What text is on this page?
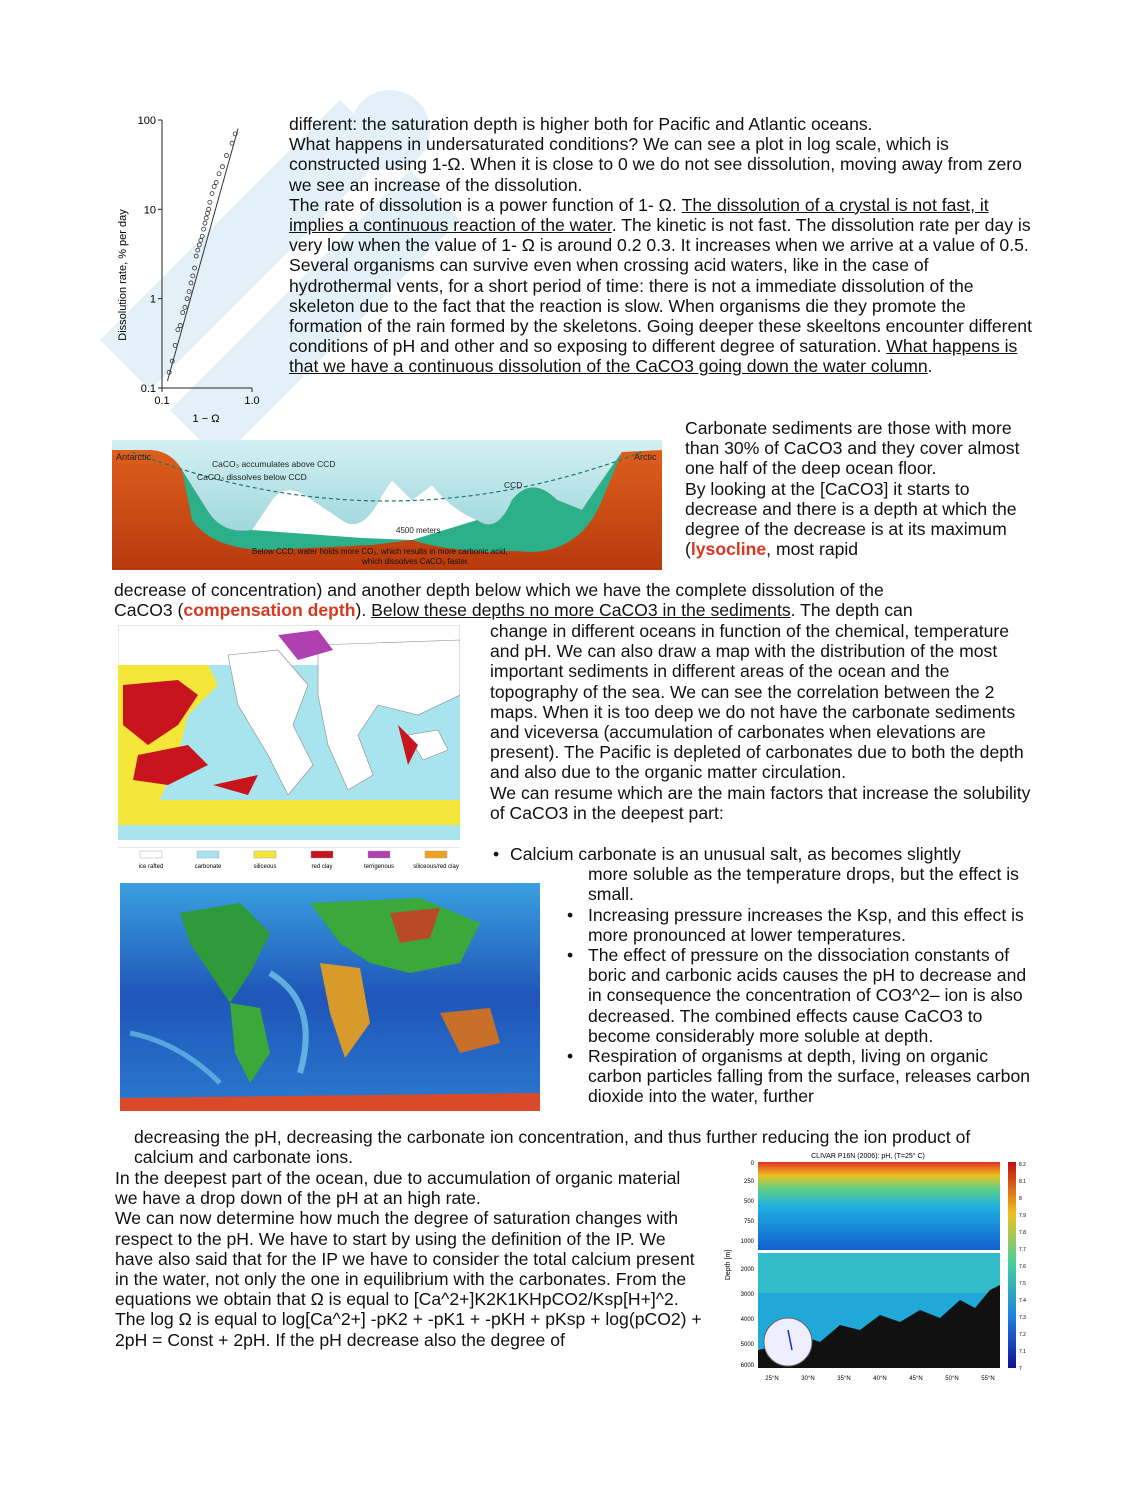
Dissolution rate, % per day
100
10
1
0.1
0.1	1.0
1 − Ω

different: the saturation depth is higher both for Pacific and Atlantic oceans.

What happens in undersaturated conditions? We can see a plot in log scale, which is constructed using 1-Ω. When it is close to 0 we do not see dissolution, moving away from zero we see an increase of the dissolution.

The rate of dissolution is a power function of 1- Ω. The dissolution of a crystal is not fast, it implies a continuous reaction of the water. The kinetic is not fast. The dissolution rate per day is very low when the value of 1- Ω is around 0.2 0.3. It increases when we arrive at a value of 0.5.

Several organisms can survive even when crossing acid waters, like in the case of hydrothermal vents, for a short period of time: there is not a immediate dissolution of the skeleton due to the fact that the reaction is slow. When organisms die they promote the formation of the rain formed by the skeletons. Going deeper these skeeltons encounter different conditions of pH and other and so exposing to different degree of saturation. What happens is that we have a continuous dissolution of the CaCO3 going down the water column.

Antarctic	Arctic
CaCO₃ accumulates above CCD
CaCO₃ dissolves below CCD
CCD
4500 meters
Below CCD, water holds more CO₂, which results in more carbonic acid,
which dissolves CaCO₃ faster.

Carbonate sediments are those with more than 30% of CaCO3 and they cover almost one half of the deep ocean floor.

By looking at the [CaCO3] it starts to decrease and there is a depth at which the degree of the decrease is at its maximum (lysocline, most rapid

decrease of concentration) and another depth below which we have the complete dissolution of the

CaCO3 (compensation depth). Below these depths no more CaCO3 in the sediments. The depth can

ice rafted	carbonate	siliceous	red clay	terrigenous	siliceous/red clay

change in different oceans in function of the chemical, temperature and pH. We can also draw a map with the distribution of the most important sediments in different areas of the ocean and the topography of the sea. We can see the correlation between the 2 maps. When it is too deep we do not have the carbonate sediments and viceversa (accumulation of carbonates when elevations are present). The Pacific is depleted of carbonates due to both the depth and also due to the organic matter circulation.

We can resume which are the main factors that increase the solubility of CaCO3 in the deepest part:

• Calcium carbonate is an unusual salt, as becomes slightly

more soluble as the temperature drops, but the effect is small.

• Increasing pressure increases the Ksp, and this effect is more pronounced at lower temperatures.

• The effect of pressure on the dissociation constants of boric and carbonic acids causes the pH to decrease and in consequence the concentration of CO3^2– ion is also decreased. The combined effects cause CaCO3 to become considerably more soluble at depth.

• Respiration of organisms at depth, living on organic carbon particles falling from the surface, releases carbon dioxide into the water, further

decreasing the pH, decreasing the carbonate ion concentration, and thus further reducing the ion product of calcium and carbonate ions.

In the deepest part of the ocean, due to accumulation of organic material we have a drop down of the pH at an high rate.

We can now determine how much the degree of saturation changes with respect to the pH. We have to start by using the definition of the IP. We have also said that for the IP we have to consider the total calcium present in the water, not only the one in equilibrium with the carbonates. From the equations we obtain that Ω is equal to [Ca^2+]K2K1KHpCO2/Ksp[H+]^2. The log Ω is equal to log[Ca^2+] -pK2 + -pK1 + -pKH + pKsp + log(pCO2) + 2pH = Const + 2pH. If the pH decrease also the degree of

CLIVAR P16N (2006): pH, (T=25° C)
Depth [m]
0
250
500
750
1000
2000
3000
4000
5000
6000
25°N	30°N	35°N	40°N	45°N	50°N	55°N
8.2
8.1
8
7.9
7.8
7.7
7.6
7.5
7.4
7.3
7.2
7.1
7
